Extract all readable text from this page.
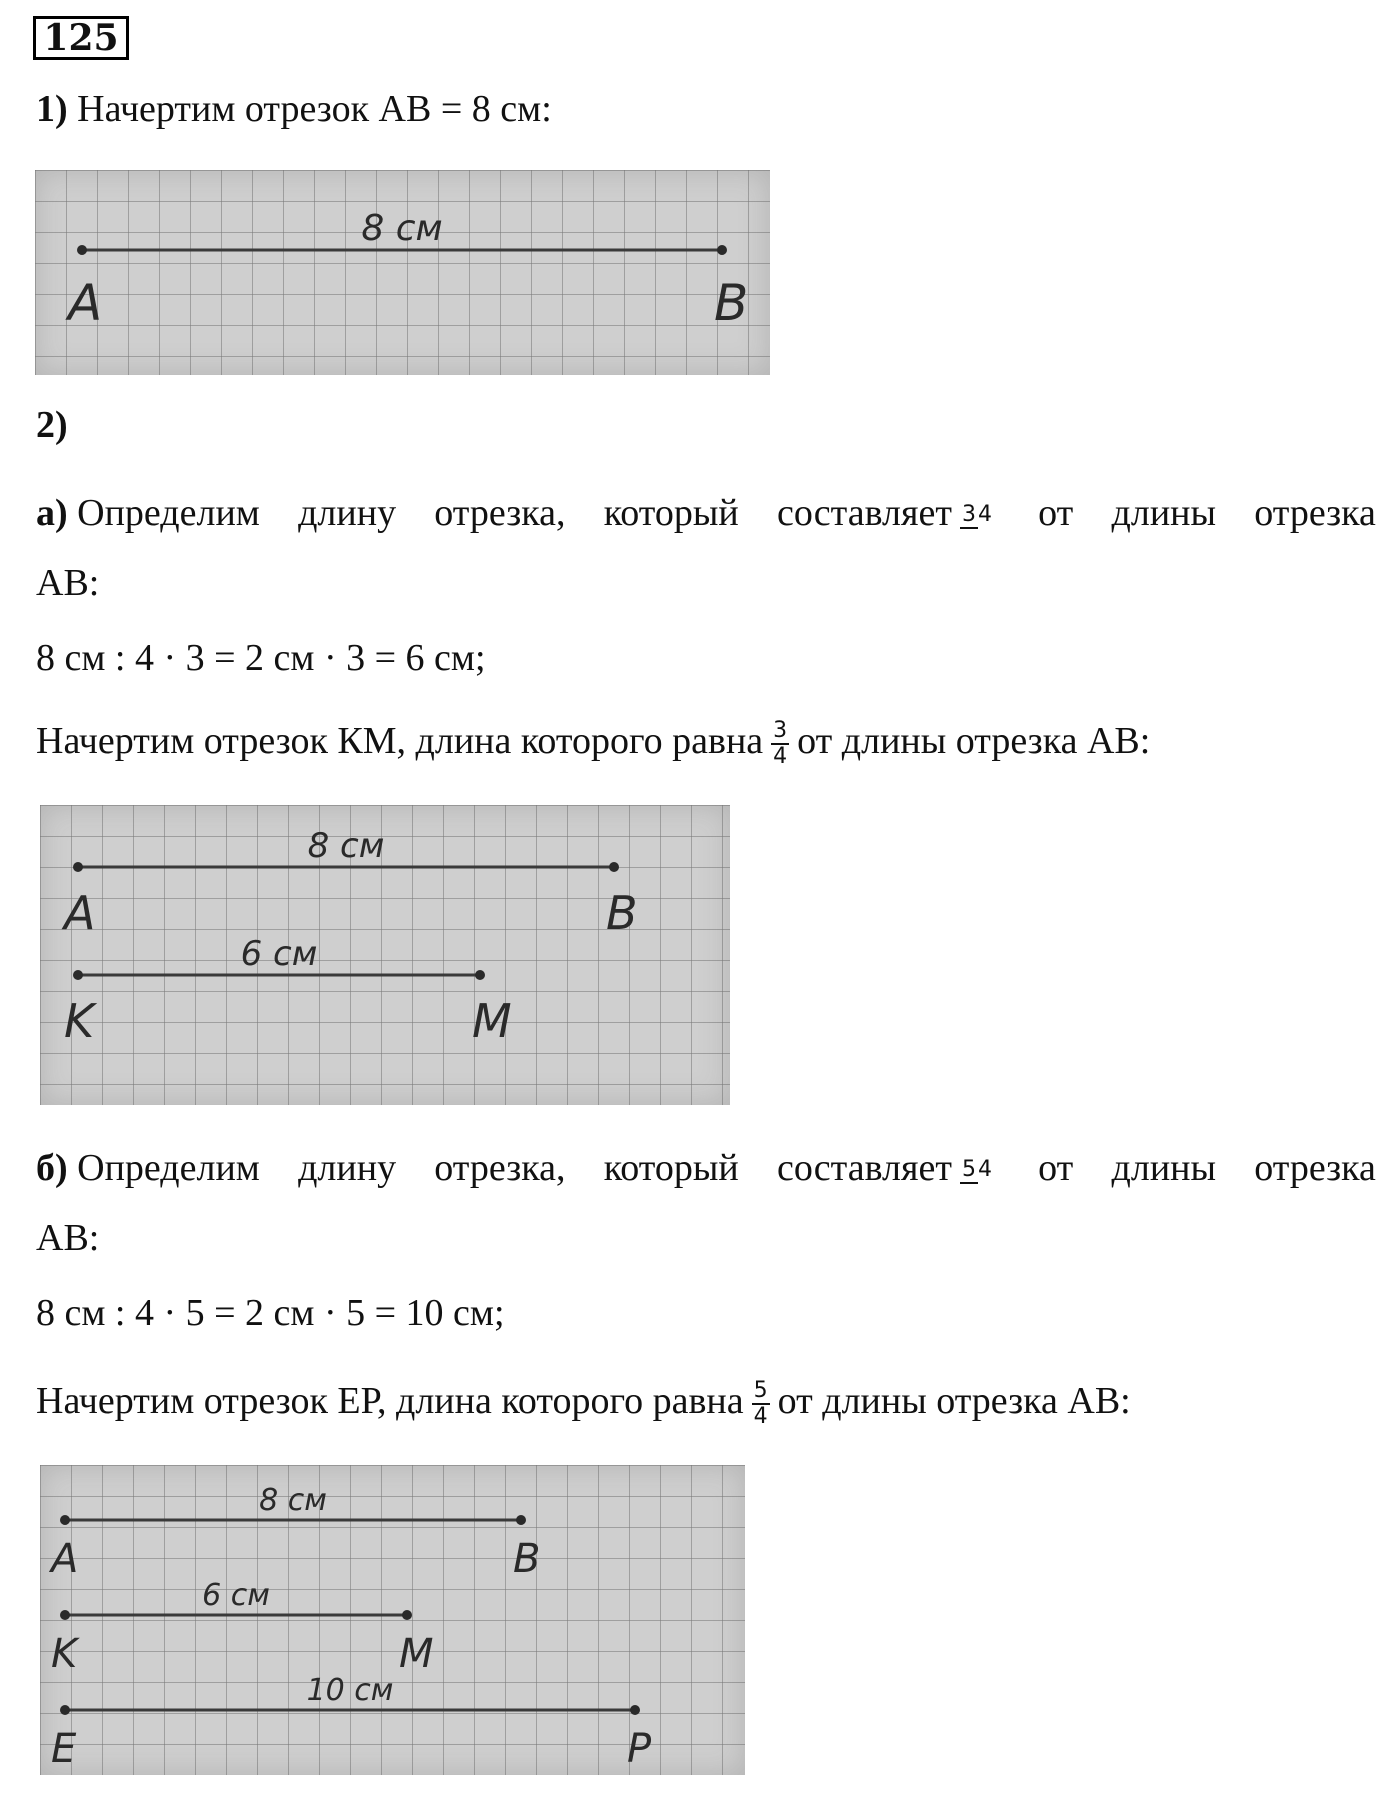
125
1) Начертим отрезок АВ = 8 см:
8 см
A	B
2)
а) Определим длину отрезка, который составляет 34 от длины отрезка
АВ:
8 см : 4 · 3 = 2 см · 3 = 6 см;
Начертим отрезок КМ, длина которого равна $\frac{3}{4}$ от длины отрезка АВ:
8 см
A	B
6 см
K	M
б) Определим длину отрезка, который составляет 54 от длины отрезка
АВ:
8 см : 4 · 5 = 2 см · 5 = 10 см;
Начертим отрезок ЕР, длина которого равна $\frac{5}{4}$ от длины отрезка АВ:
8 см
A	B
6 см
K	M
10 см
E	P
